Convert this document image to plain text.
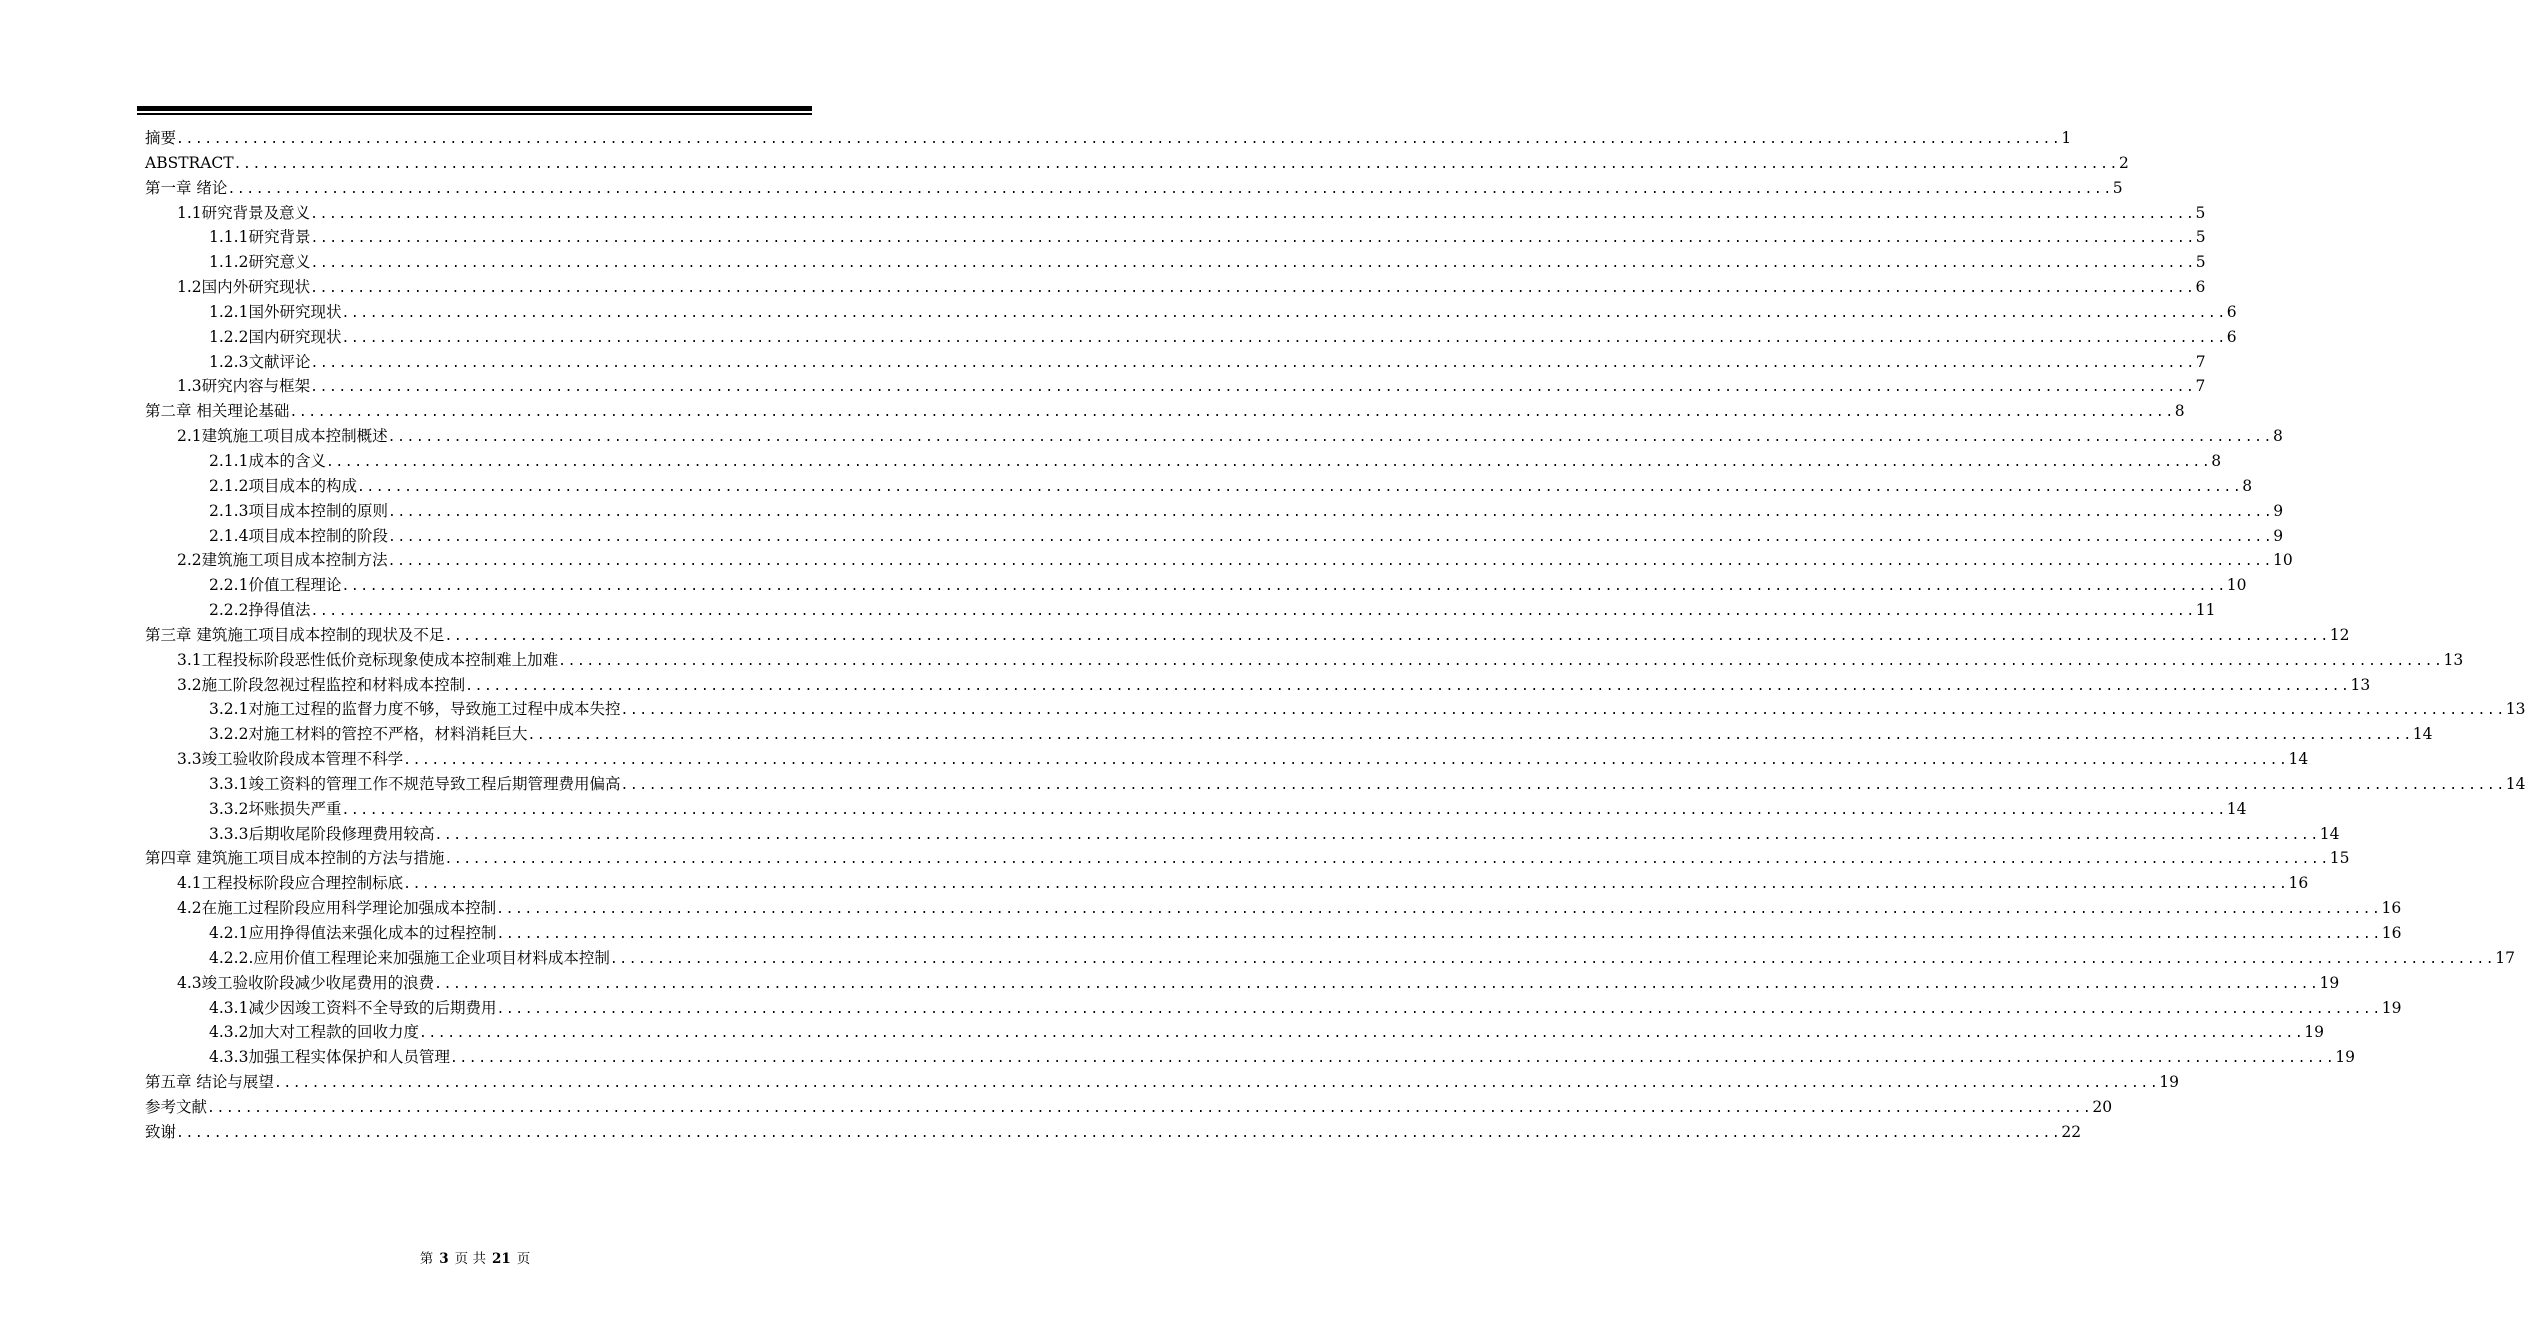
摘要 ........................................................................................................................................................................................................ 1
ABSTRACT ........................................................................................................................................................................................................ 2
第一章 绪论 ........................................................................................................................................................................................................ 5
1.1研究背景及意义 ........................................................................................................................................................................................................ 5
1.1.1研究背景 ........................................................................................................................................................................................................ 5
1.1.2研究意义 ........................................................................................................................................................................................................ 5
1.2国内外研究现状 ........................................................................................................................................................................................................ 6
1.2.1国外研究现状 ........................................................................................................................................................................................................ 6
1.2.2国内研究现状 ........................................................................................................................................................................................................ 6
1.2.3文献评论 ........................................................................................................................................................................................................ 7
1.3研究内容与框架 ........................................................................................................................................................................................................ 7
第二章 相关理论基础 ........................................................................................................................................................................................................ 8
2.1建筑施工项目成本控制概述 ........................................................................................................................................................................................................ 8
2.1.1成本的含义 ........................................................................................................................................................................................................ 8
2.1.2项目成本的构成 ........................................................................................................................................................................................................ 8
2.1.3项目成本控制的原则 ........................................................................................................................................................................................................ 9
2.1.4项目成本控制的阶段 ........................................................................................................................................................................................................ 9
2.2建筑施工项目成本控制方法 ........................................................................................................................................................................................................ 10
2.2.1价值工程理论 ........................................................................................................................................................................................................ 10
2.2.2挣得值法 ........................................................................................................................................................................................................ 11
第三章 建筑施工项目成本控制的现状及不足 ........................................................................................................................................................................................................ 12
3.1工程投标阶段恶性低价竞标现象使成本控制难上加难 ........................................................................................................................................................................................................ 13
3.2施工阶段忽视过程监控和材料成本控制 ........................................................................................................................................................................................................ 13
3.2.1对施工过程的监督力度不够，导致施工过程中成本失控 ........................................................................................................................................................................................................ 13
3.2.2对施工材料的管控不严格，材料消耗巨大 ........................................................................................................................................................................................................ 14
3.3竣工验收阶段成本管理不科学 ........................................................................................................................................................................................................ 14
3.3.1竣工资料的管理工作不规范导致工程后期管理费用偏高 ........................................................................................................................................................................................................ 14
3.3.2坏账损失严重 ........................................................................................................................................................................................................ 14
3.3.3后期收尾阶段修理费用较高 ........................................................................................................................................................................................................ 14
第四章 建筑施工项目成本控制的方法与措施 ........................................................................................................................................................................................................ 15
4.1工程投标阶段应合理控制标底 ........................................................................................................................................................................................................ 16
4.2在施工过程阶段应用科学理论加强成本控制 ........................................................................................................................................................................................................ 16
4.2.1应用挣得值法来强化成本的过程控制 ........................................................................................................................................................................................................ 16
4.2.2.应用价值工程理论来加强施工企业项目材料成本控制 ........................................................................................................................................................................................................ 17
4.3竣工验收阶段减少收尾费用的浪费 ........................................................................................................................................................................................................ 19
4.3.1减少因竣工资料不全导致的后期费用 ........................................................................................................................................................................................................ 19
4.3.2加大对工程款的回收力度 ........................................................................................................................................................................................................ 19
4.3.3加强工程实体保护和人员管理 ........................................................................................................................................................................................................ 19
第五章 结论与展望 ........................................................................................................................................................................................................ 19
参考文献 ........................................................................................................................................................................................................ 20
致谢 ........................................................................................................................................................................................................ 22
第 3 页 共 21 页
